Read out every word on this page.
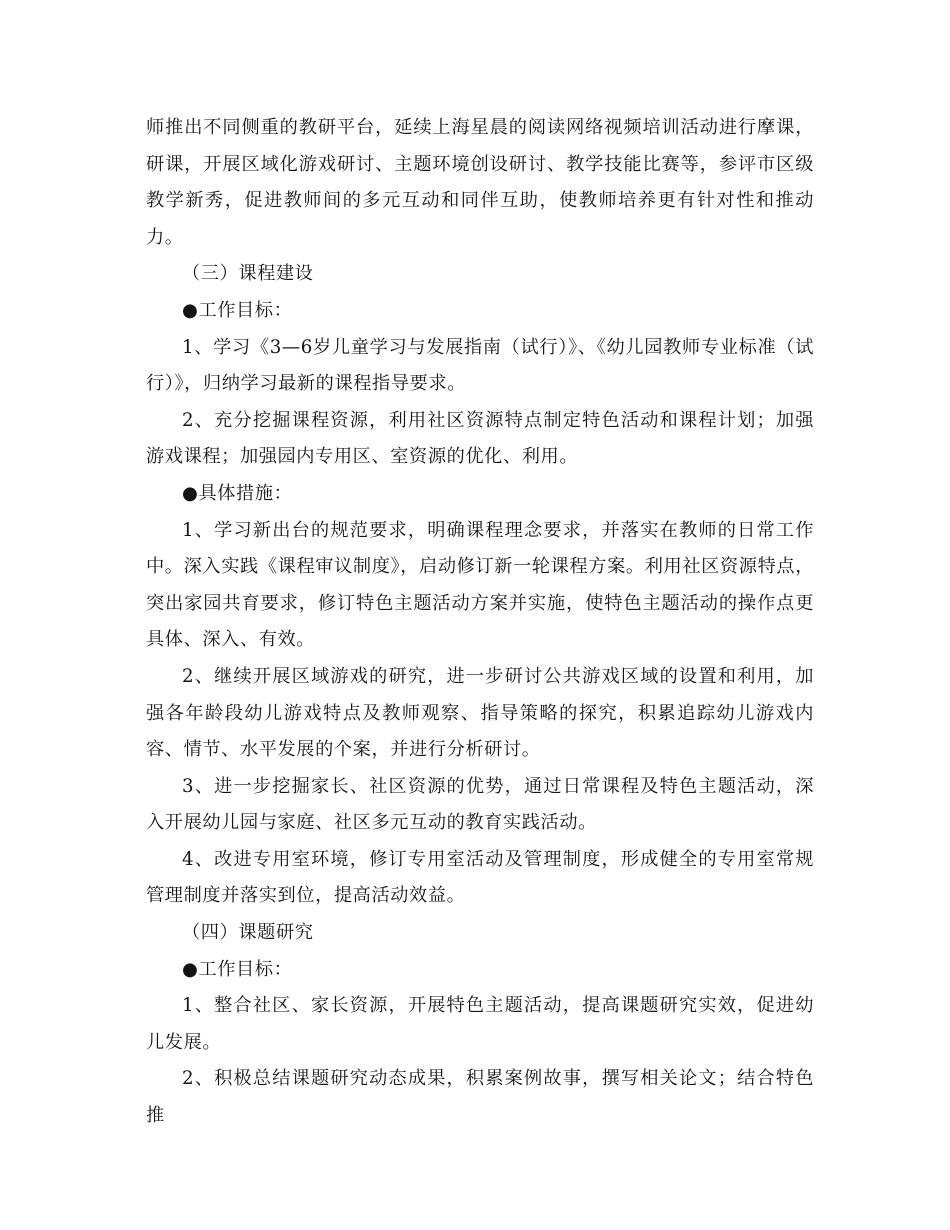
师推出不同侧重的教研平台，延续上海星晨的阅读网络视频培训活动进行摩课，研课，开展区域化游戏研讨、主题环境创设研讨、教学技能比赛等，参评市区级教学新秀，促进教师间的多元互动和同伴互助，使教师培养更有针对性和推动力。

（三）课程建设

●工作目标：

1、学习《3—6岁儿童学习与发展指南（试行）》、《幼儿园教师专业标准（试行）》，归纳学习最新的课程指导要求。

2、充分挖掘课程资源，利用社区资源特点制定特色活动和课程计划；加强游戏课程；加强园内专用区、室资源的优化、利用。

●具体措施：

1、学习新出台的规范要求，明确课程理念要求，并落实在教师的日常工作中。深入实践《课程审议制度》，启动修订新一轮课程方案。利用社区资源特点，突出家园共育要求，修订特色主题活动方案并实施，使特色主题活动的操作点更具体、深入、有效。

2、继续开展区域游戏的研究，进一步研讨公共游戏区域的设置和利用，加强各年龄段幼儿游戏特点及教师观察、指导策略的探究，积累追踪幼儿游戏内容、情节、水平发展的个案，并进行分析研讨。

3、进一步挖掘家长、社区资源的优势，通过日常课程及特色主题活动，深入开展幼儿园与家庭、社区多元互动的教育实践活动。

4、改进专用室环境，修订专用室活动及管理制度，形成健全的专用室常规管理制度并落实到位，提高活动效益。

（四）课题研究

●工作目标：

1、整合社区、家长资源，开展特色主题活动，提高课题研究实效，促进幼儿发展。

2、积极总结课题研究动态成果，积累案例故事，撰写相关论文；结合特色推
